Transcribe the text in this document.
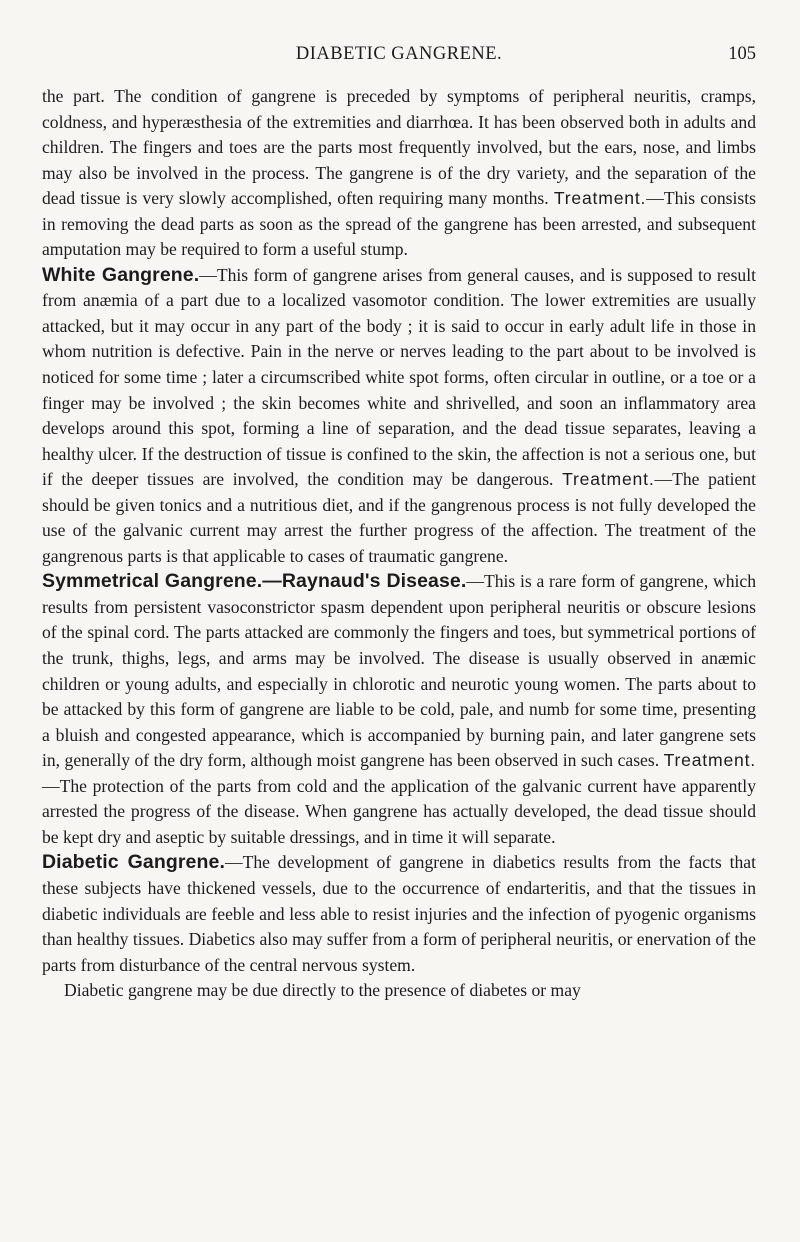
DIABETIC GANGRENE.	105

the part. The condition of gangrene is preceded by symptoms of peripheral neuritis, cramps, coldness, and hyperæsthesia of the extremities and diarrhœa. It has been observed both in adults and children. The fingers and toes are the parts most frequently involved, but the ears, nose, and limbs may also be involved in the process. The gangrene is of the dry variety, and the separation of the dead tissue is very slowly accomplished, often requiring many months. Treatment.—This consists in removing the dead parts as soon as the spread of the gangrene has been arrested, and subsequent amputation may be required to form a useful stump.

White Gangrene.—This form of gangrene arises from general causes, and is supposed to result from anæmia of a part due to a localized vasomotor condition. The lower extremities are usually attacked, but it may occur in any part of the body ; it is said to occur in early adult life in those in whom nutrition is defective. Pain in the nerve or nerves leading to the part about to be involved is noticed for some time ; later a circumscribed white spot forms, often circular in outline, or a toe or a finger may be involved ; the skin becomes white and shrivelled, and soon an inflammatory area develops around this spot, forming a line of separation, and the dead tissue separates, leaving a healthy ulcer. If the destruction of tissue is confined to the skin, the affection is not a serious one, but if the deeper tissues are involved, the condition may be dangerous. Treatment.—The patient should be given tonics and a nutritious diet, and if the gangrenous process is not fully developed the use of the galvanic current may arrest the further progress of the affection. The treatment of the gangrenous parts is that applicable to cases of traumatic gangrene.

Symmetrical Gangrene.—Raynaud's Disease.—This is a rare form of gangrene, which results from persistent vasoconstrictor spasm dependent upon peripheral neuritis or obscure lesions of the spinal cord. The parts attacked are commonly the fingers and toes, but symmetrical portions of the trunk, thighs, legs, and arms may be involved. The disease is usually observed in anæmic children or young adults, and especially in chlorotic and neurotic young women. The parts about to be attacked by this form of gangrene are liable to be cold, pale, and numb for some time, presenting a bluish and congested appearance, which is accompanied by burning pain, and later gangrene sets in, generally of the dry form, although moist gangrene has been observed in such cases. Treatment.—The protection of the parts from cold and the application of the galvanic current have apparently arrested the progress of the disease. When gangrene has actually developed, the dead tissue should be kept dry and aseptic by suitable dressings, and in time it will separate.

Diabetic Gangrene.—The development of gangrene in diabetics results from the facts that these subjects have thickened vessels, due to the occurrence of endarteritis, and that the tissues in diabetic individuals are feeble and less able to resist injuries and the infection of pyogenic organisms than healthy tissues. Diabetics also may suffer from a form of peripheral neuritis, or enervation of the parts from disturbance of the central nervous system.

Diabetic gangrene may be due directly to the presence of diabetes or may
